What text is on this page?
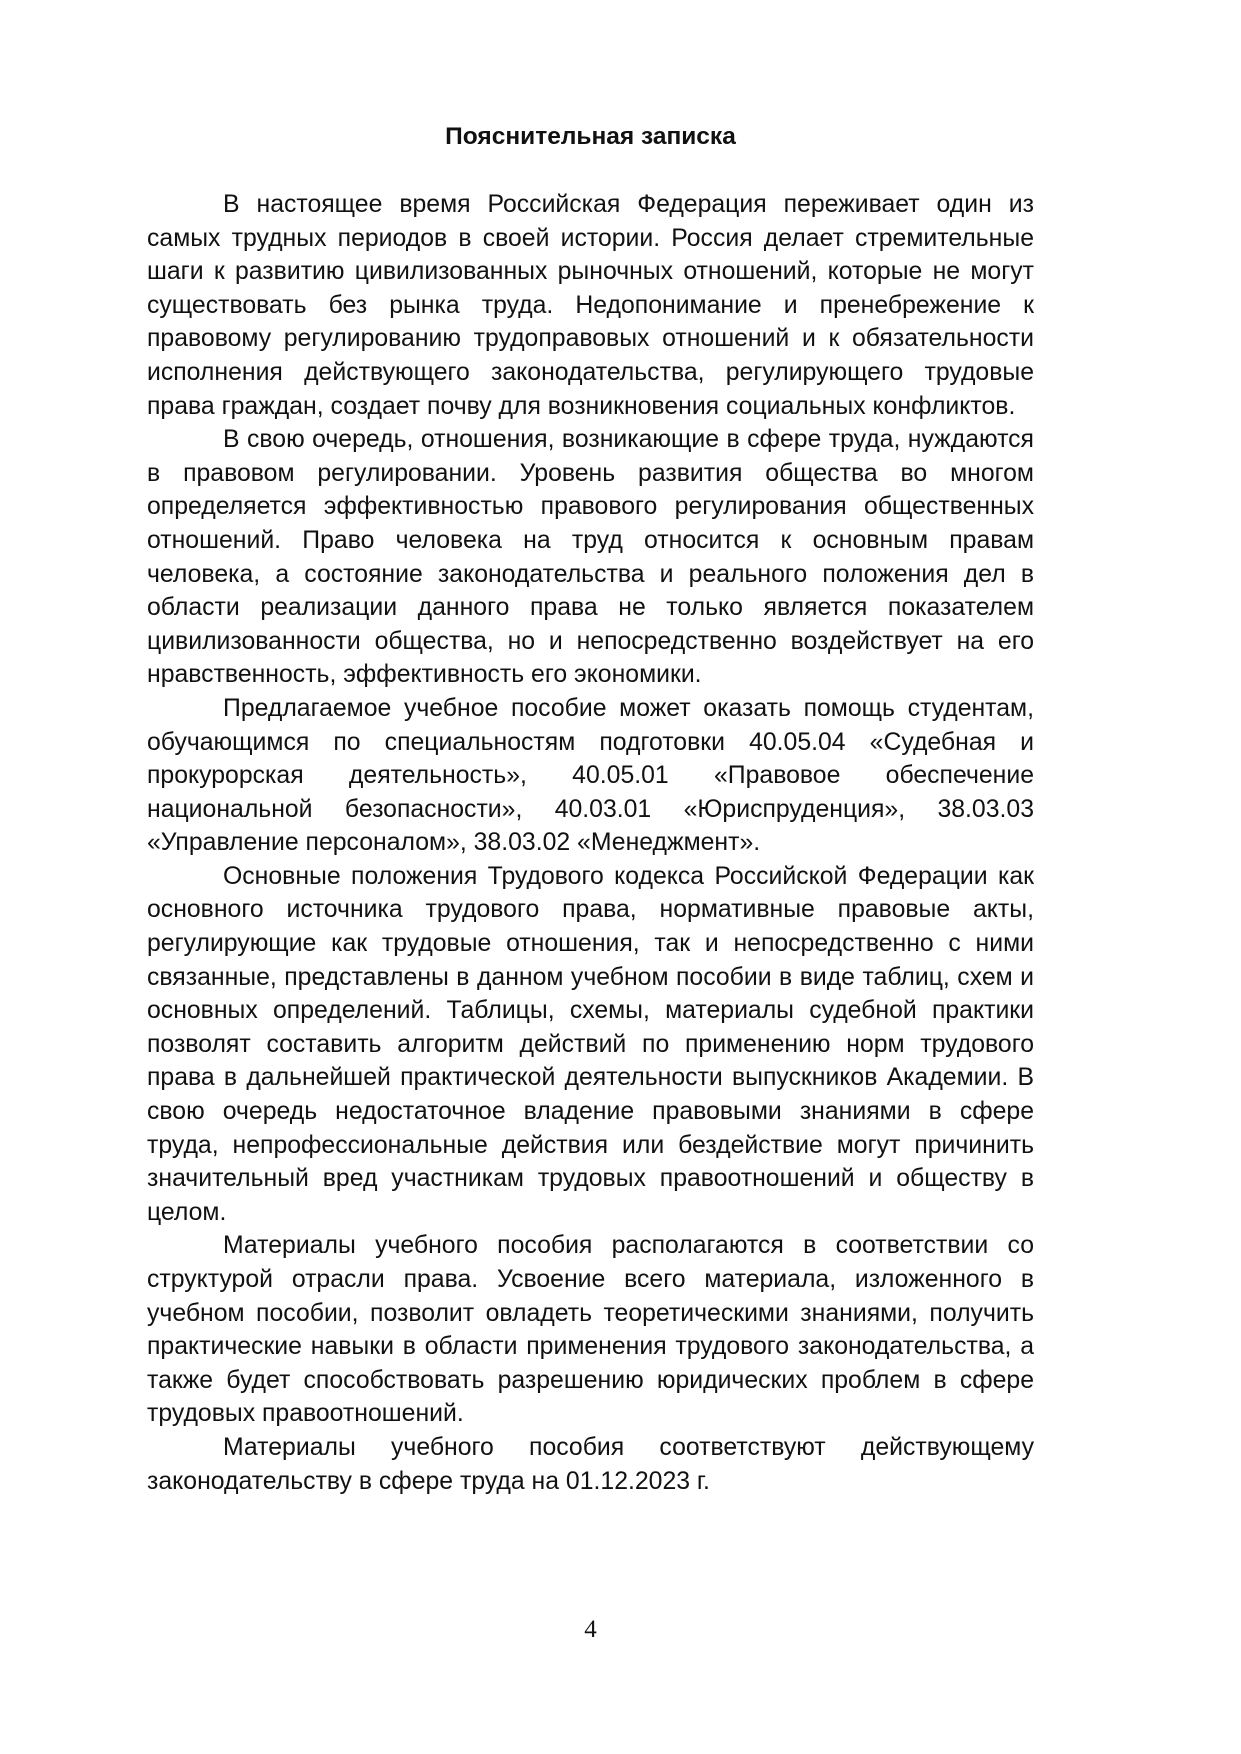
Пояснительная записка

В настоящее время Российская Федерация переживает один из самых трудных периодов в своей истории. Россия делает стремительные шаги к развитию цивилизованных рыночных отношений, которые не могут существовать без рынка труда. Недопонимание и пренебрежение к правовому регулированию трудоправовых отношений и к обязательности исполнения действующего законодательства, регулирующего трудовые права граждан, создает почву для возникновения социальных конфликтов.

В свою очередь, отношения, возникающие в сфере труда, нуждаются в правовом регулировании. Уровень развития общества во многом определяется эффективностью правового регулирования общественных отношений. Право человека на труд относится к основным правам человека, а состояние законодательства и реального положения дел в области реализации данного права не только является показателем цивилизованности общества, но и непосредственно воздействует на его нравственность, эффективность его экономики.

Предлагаемое учебное пособие может оказать помощь студентам, обучающимся по специальностям подготовки 40.05.04 «Судебная и прокурорская деятельность», 40.05.01 «Правовое обеспечение национальной безопасности», 40.03.01 «Юриспруденция», 38.03.03 «Управление персоналом», 38.03.02 «Менеджмент».

Основные положения Трудового кодекса Российской Федерации как основного источника трудового права, нормативные правовые акты, регулирующие как трудовые отношения, так и непосредственно с ними связанные, представлены в данном учебном пособии в виде таблиц, схем и основных определений. Таблицы, схемы, материалы судебной практики позволят составить алгоритм действий по применению норм трудового права в дальнейшей практической деятельности выпускников Академии. В свою очередь недостаточное владение правовыми знаниями в сфере труда, непрофессиональные действия или бездействие могут причинить значительный вред участникам трудовых правоотношений и обществу в целом.

Материалы учебного пособия располагаются в соответствии со структурой отрасли права. Усвоение всего материала, изложенного в учебном пособии, позволит овладеть теоретическими знаниями, получить практические навыки в области применения трудового законодательства, а также будет способствовать разрешению юридических проблем в сфере трудовых правоотношений.

Материалы учебного пособия соответствуют действующему законодательству в сфере труда на 01.12.2023 г.

4
